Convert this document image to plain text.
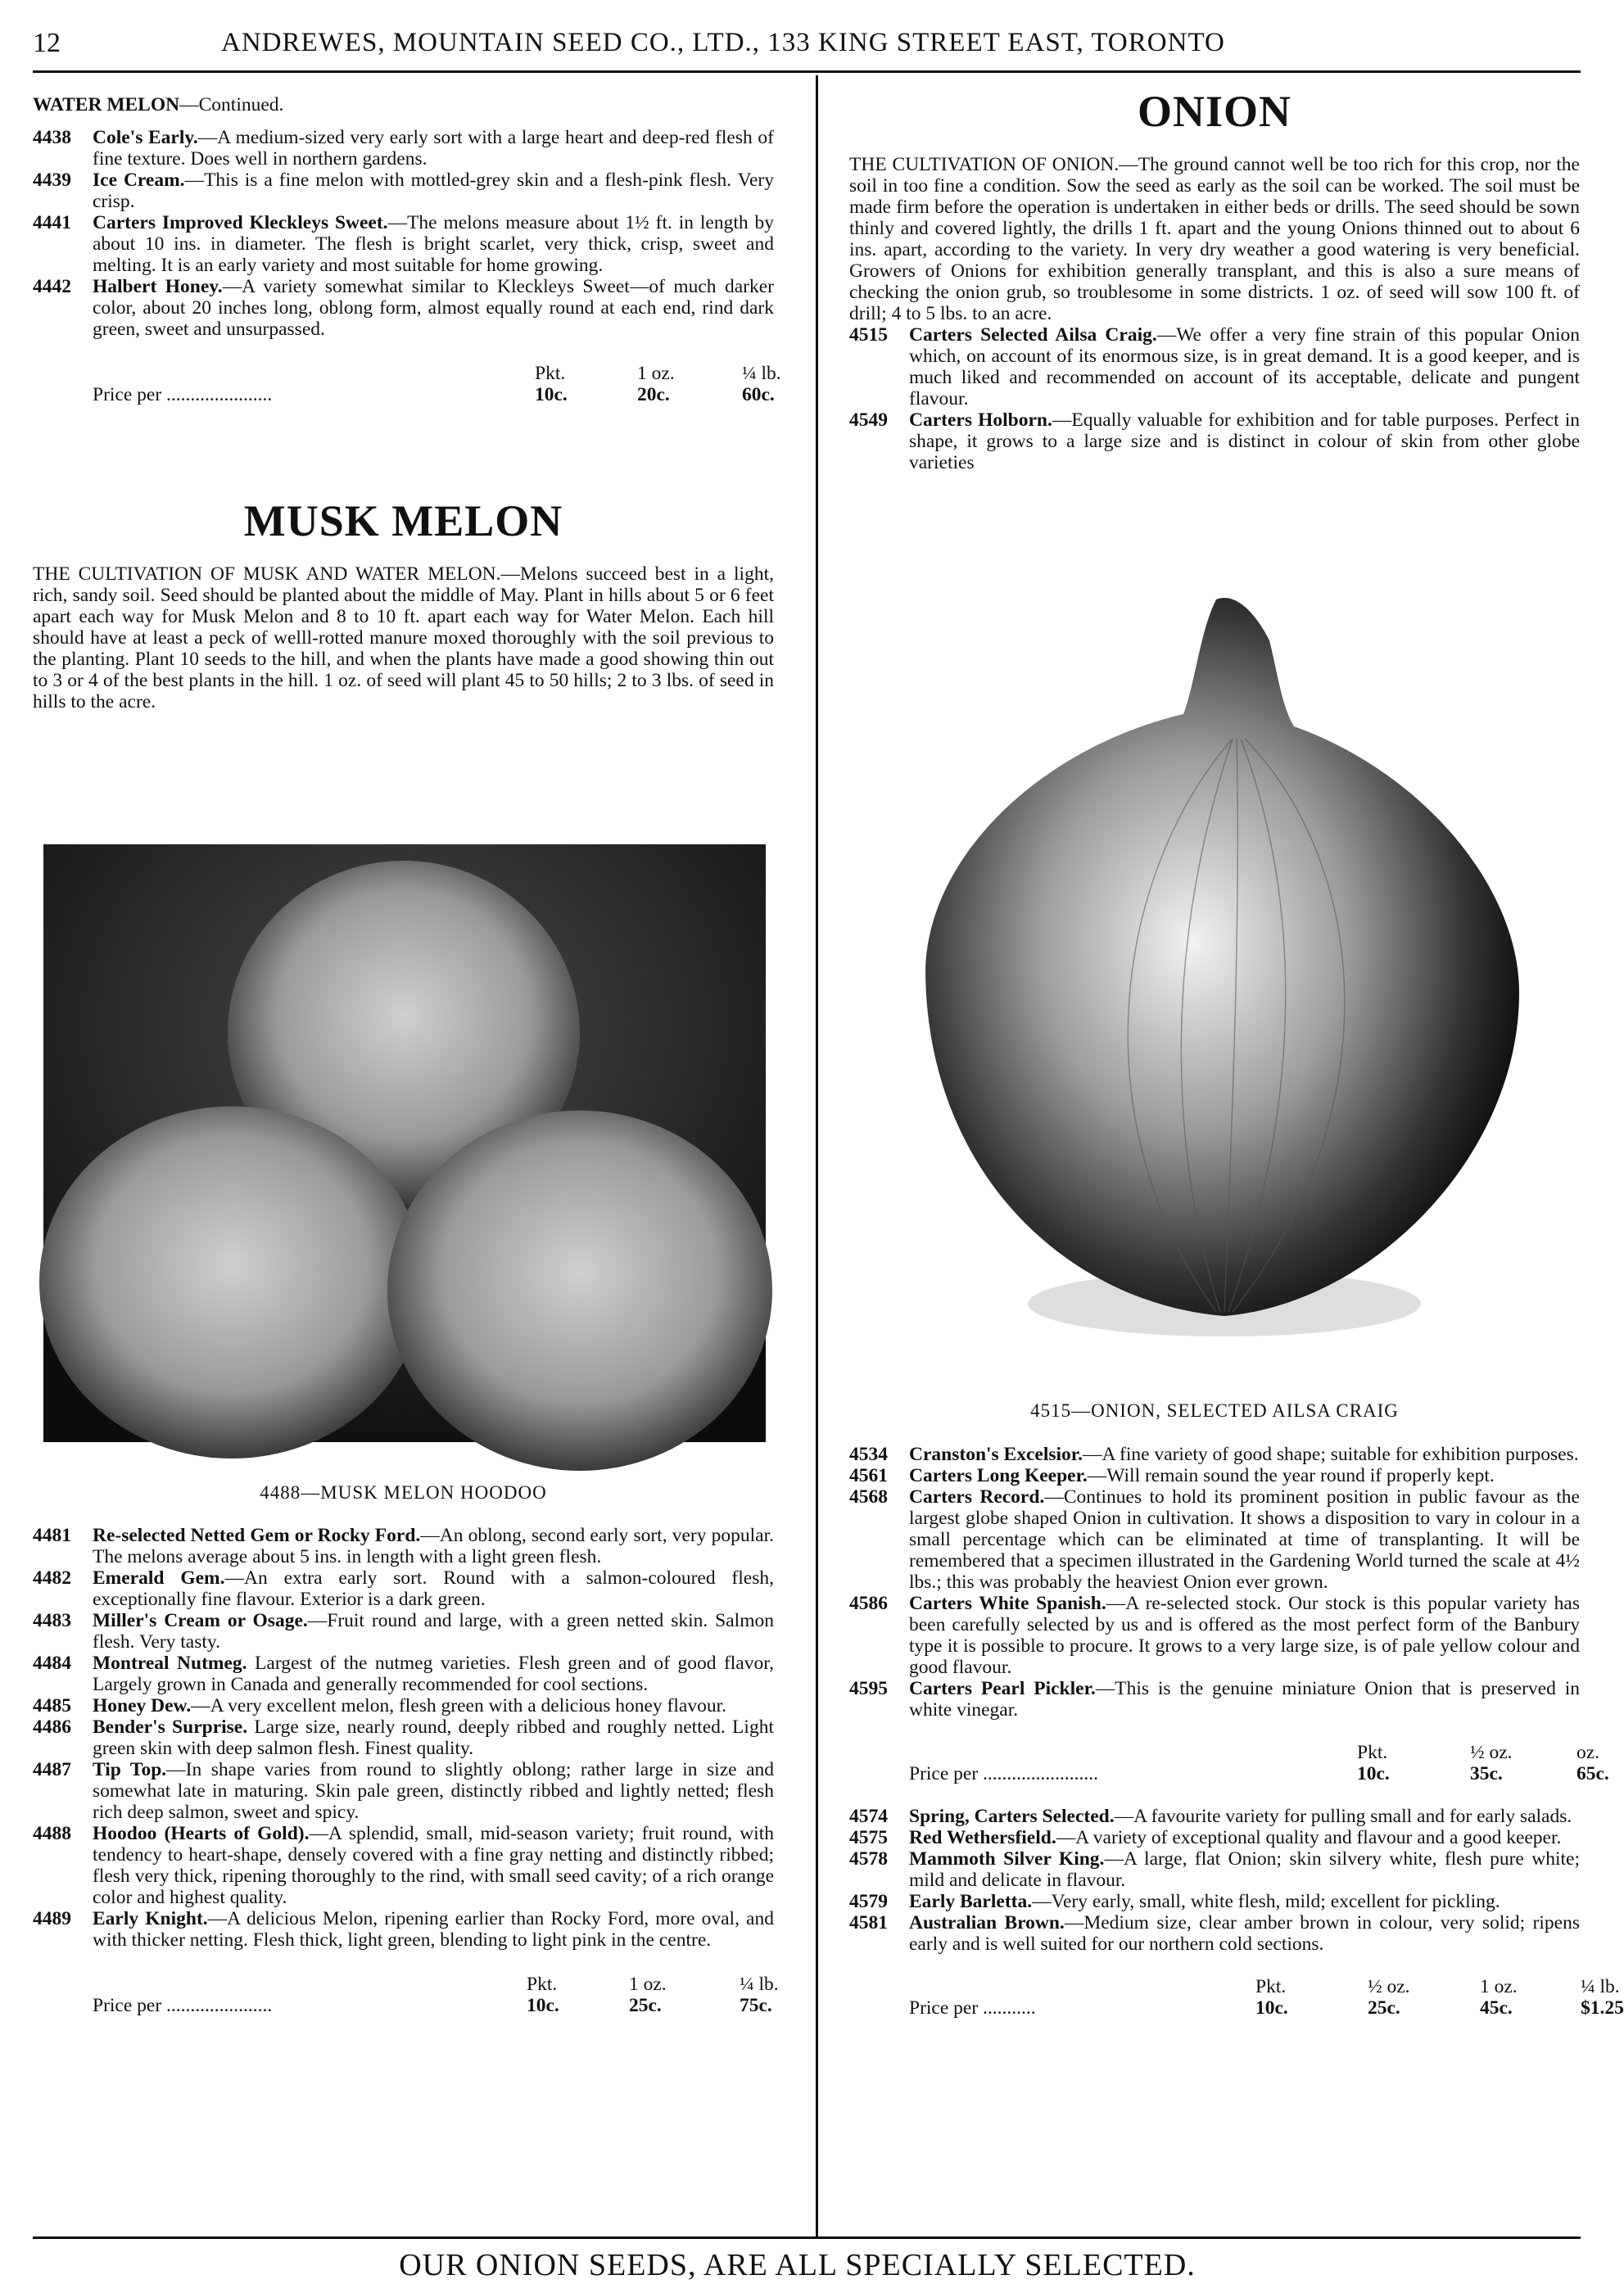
12	ANDREWES, MOUNTAIN SEED CO., LTD., 133 KING STREET EAST, TORONTO

WATER MELON—Continued.

4438 Cole's Early.—A medium-sized very early sort with a large heart and deep-red flesh of fine texture. Does well in northern gardens.

4439 Ice Cream.—This is a fine melon with mottled-grey skin and a flesh-pink flesh. Very crisp.

4441 Carters Improved Kleckleys Sweet.—The melons measure about 1½ ft. in length by about 10 ins. in diameter. The flesh is bright scarlet, very thick, crisp, sweet and melting. It is an early variety and most suitable for home growing.

4442 Halbert Honey.—A variety somewhat similar to Kleckleys Sweet—of much darker color, about 20 inches long, oblong form, almost equally round at each end, rind dark green, sweet and unsurpassed.

Price per ......................
Pkt.
10c.
1 oz.
20c.
¼ lb.
60c.
MUSK MELON

THE CULTIVATION OF MUSK AND WATER MELON.—Melons succeed best in a light, rich, sandy soil. Seed should be planted about the middle of May. Plant in hills about 5 or 6 feet apart each way for Musk Melon and 8 to 10 ft. apart each way for Water Melon. Each hill should have at least a peck of welll-rotted manure moxed thoroughly with the soil previous to the planting. Plant 10 seeds to the hill, and when the plants have made a good showing thin out to 3 or 4 of the best plants in the hill. 1 oz. of seed will plant 45 to 50 hills; 2 to 3 lbs. of seed in hills to the acre.

4488—MUSK MELON HOODOO

4481 Re-selected Netted Gem or Rocky Ford.—An oblong, second early sort, very popular. The melons average about 5 ins. in length with a light green flesh.

4482 Emerald Gem.—An extra early sort. Round with a salmon-coloured flesh, exceptionally fine flavour. Exterior is a dark green.

4483 Miller's Cream or Osage.—Fruit round and large, with a green netted skin. Salmon flesh. Very tasty.

4484 Montreal Nutmeg. Largest of the nutmeg varieties. Flesh green and of good flavor, Largely grown in Canada and generally recommended for cool sections.

4485 Honey Dew.—A very excellent melon, flesh green with a delicious honey flavour.

4486 Bender's Surprise. Large size, nearly round, deeply ribbed and roughly netted. Light green skin with deep salmon flesh. Finest quality.

4487 Tip Top.—In shape varies from round to slightly oblong; rather large in size and somewhat late in maturing. Skin pale green, distinctly ribbed and lightly netted; flesh rich deep salmon, sweet and spicy.

4488 Hoodoo (Hearts of Gold).—A splendid, small, mid-season variety; fruit round, with tendency to heart-shape, densely covered with a fine gray netting and distinctly ribbed; flesh very thick, ripening thoroughly to the rind, with small seed cavity; of a rich orange color and highest quality.

4489 Early Knight.—A delicious Melon, ripening earlier than Rocky Ford, more oval, and with thicker netting. Flesh thick, light green, blending to light pink in the centre.

Price per ......................
Pkt.
10c.
1 oz.
25c.
¼ lb.
75c.
ONION

THE CULTIVATION OF ONION.—The ground cannot well be too rich for this crop, nor the soil in too fine a condition. Sow the seed as early as the soil can be worked. The soil must be made firm before the operation is undertaken in either beds or drills. The seed should be sown thinly and covered lightly, the drills 1 ft. apart and the young Onions thinned out to about 6 ins. apart, according to the variety. In very dry weather a good watering is very beneficial. Growers of Onions for exhibition generally transplant, and this is also a sure means of checking the onion grub, so troublesome in some districts. 1 oz. of seed will sow 100 ft. of drill; 4 to 5 lbs. to an acre.

4515 Carters Selected Ailsa Craig.—We offer a very fine strain of this popular Onion which, on account of its enormous size, is in great demand. It is a good keeper, and is much liked and recommended on account of its acceptable, delicate and pungent flavour.

4549 Carters Holborn.—Equally valuable for exhibition and for table purposes. Perfect in shape, it grows to a large size and is distinct in colour of skin from other globe varieties

4515—ONION, SELECTED AILSA CRAIG

4534 Cranston's Excelsior.—A fine variety of good shape; suitable for exhibition purposes.

4561 Carters Long Keeper.—Will remain sound the year round if properly kept.

4568 Carters Record.—Continues to hold its prominent position in public favour as the largest globe shaped Onion in cultivation. It shows a disposition to vary in colour in a small percentage which can be eliminated at time of transplanting. It will be remembered that a specimen illustrated in the Gardening World turned the scale at 4½ lbs.; this was probably the heaviest Onion ever grown.

4586 Carters White Spanish.—A re-selected stock. Our stock is this popular variety has been carefully selected by us and is offered as the most perfect form of the Banbury type it is possible to procure. It grows to a very large size, is of pale yellow colour and good flavour.

4595 Carters Pearl Pickler.—This is the genuine miniature Onion that is preserved in white vinegar.

Price per ........................
Pkt.
10c.
½ oz.
35c.
oz.
65c.

4574 Spring, Carters Selected.—A favourite variety for pulling small and for early salads.

4575 Red Wethersfield.—A variety of exceptional quality and flavour and a good keeper.

4578 Mammoth Silver King.—A large, flat Onion; skin silvery white, flesh pure white; mild and delicate in flavour.

4579 Early Barletta.—Very early, small, white flesh, mild; excellent for pickling.

4581 Australian Brown.—Medium size, clear amber brown in colour, very solid; ripens early and is well suited for our northern cold sections.

Price per ...........
Pkt.
10c.
½ oz.
25c.
1 oz.
45c.
¼ lb.
$1.25
OUR ONION SEEDS, ARE ALL SPECIALLY SELECTED.
